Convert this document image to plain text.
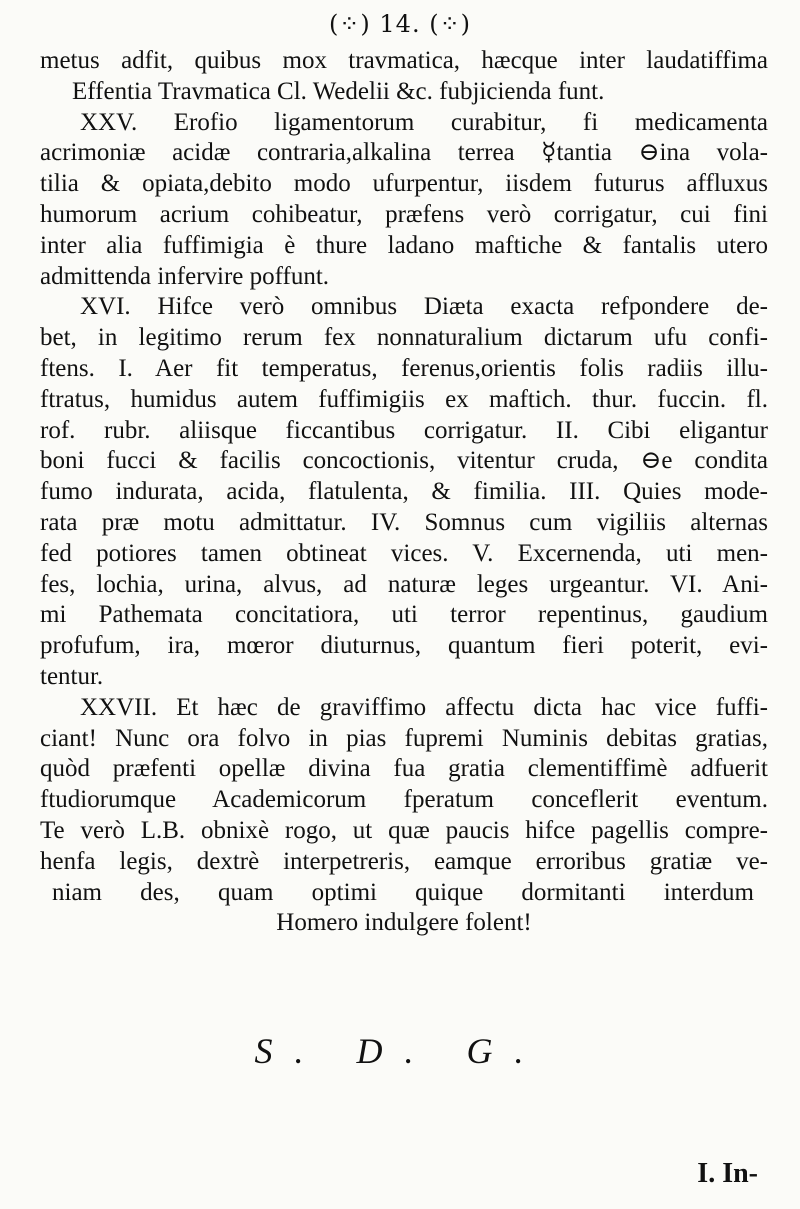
(⁘) 14. (⁘)
metus adfit, quibus mox travmatica, hæcque inter laudatiffima
Effentia Travmatica Cl. Wedelii &c. fubjicienda funt.
XXV. Erofio ligamentorum curabitur, fi medicamenta
acrimoniæ acidæ contraria,alkalina terrea ☿tantia ⊖ina vola-
tilia & opiata,debito modo ufurpentur, iisdem futurus affluxus
humorum acrium cohibeatur, præfens verò corrigatur, cui fini
inter alia fuffimigia è thure ladano maftiche & fantalis utero
admittenda infervire poffunt.
XVI. Hifce verò omnibus Diæta exacta refpondere de-
bet, in legitimo rerum fex nonnaturalium dictarum ufu confi-
ftens. I. Aer fit temperatus, ferenus,orientis folis radiis illu-
ftratus, humidus autem fuffimigiis ex maftich. thur. fuccin. fl.
rof. rubr. aliisque ficcantibus corrigatur. II. Cibi eligantur
boni fucci & facilis concoctionis, vitentur cruda, ⊖e condita
fumo indurata, acida, flatulenta, & fimilia. III. Quies mode-
rata præ motu admittatur. IV. Somnus cum vigiliis alternas
fed potiores tamen obtineat vices. V. Excernenda, uti men-
fes, lochia, urina, alvus, ad naturæ leges urgeantur. VI. Ani-
mi Pathemata concitatiora, uti terror repentinus, gaudium
profufum, ira, mœror diuturnus, quantum fieri poterit, evi-
tentur.
XXVII. Et hæc de graviffimo affectu dicta hac vice fuffi-
ciant! Nunc ora folvo in pias fupremi Numinis debitas gratias,
quòd præfenti opellæ divina fua gratia clementiffimè adfuerit
ftudiorumque Academicorum fperatum conceflerit eventum.
Te verò L.B. obnixè rogo, ut quæ paucis hifce pagellis compre-
henfa legis, dextrè interpetreris, eamque erroribus gratiæ ve-
niam des, quam optimi quique dormitanti interdum
Homero indulgere folent!
S. D. G.
I. In-
